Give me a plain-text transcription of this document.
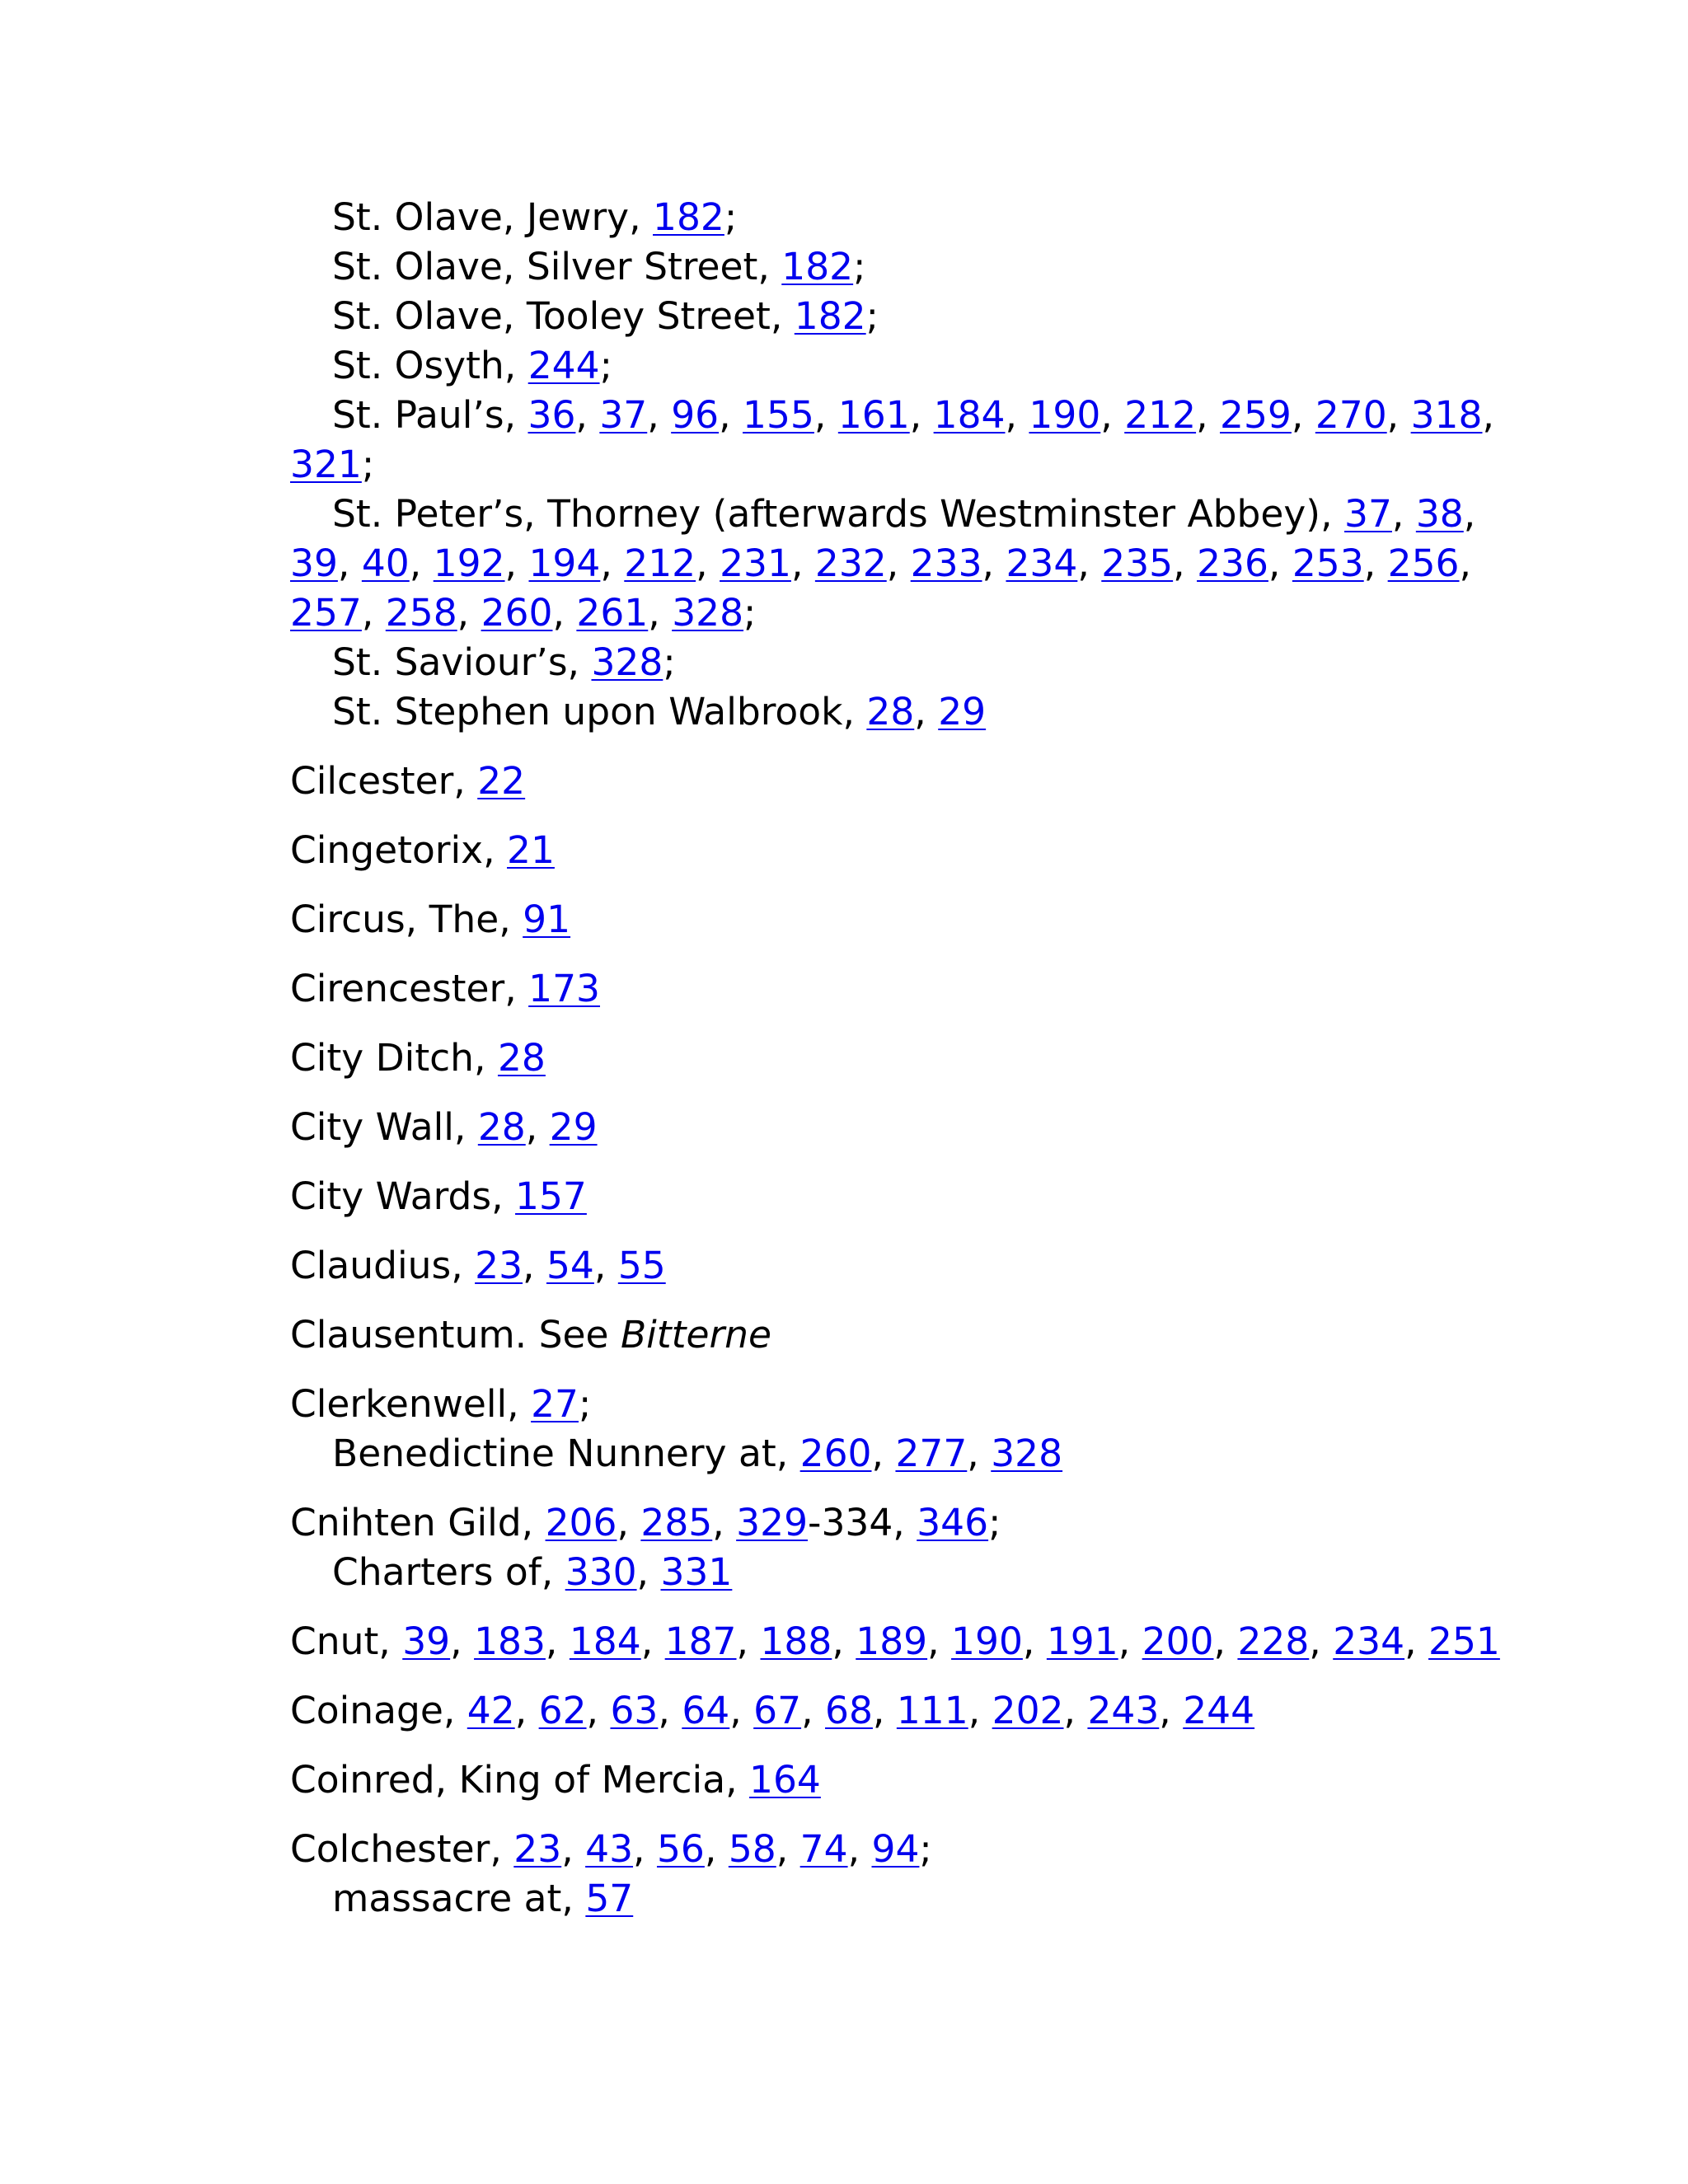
St. Olave, Jewry, 182;
St. Olave, Silver Street, 182;
St. Olave, Tooley Street, 182;
St. Osyth, 244;
St. Paul’s, 36, 37, 96, 155, 161, 184, 190, 212, 259, 270, 318,
321;
St. Peter’s, Thorney (afterwards Westminster Abbey), 37, 38,
39, 40, 192, 194, 212, 231, 232, 233, 234, 235, 236, 253, 256,
257, 258, 260, 261, 328;
St. Saviour’s, 328;
St. Stephen upon Walbrook, 28, 29
Cilcester, 22
Cingetorix, 21
Circus, The, 91
Cirencester, 173
City Ditch, 28
City Wall, 28, 29
City Wards, 157
Claudius, 23, 54, 55
Clausentum. See Bitterne
Clerkenwell, 27;
Benedictine Nunnery at, 260, 277, 328
Cnihten Gild, 206, 285, 329-334, 346;
Charters of, 330, 331
Cnut, 39, 183, 184, 187, 188, 189, 190, 191, 200, 228, 234, 251
Coinage, 42, 62, 63, 64, 67, 68, 111, 202, 243, 244
Coinred, King of Mercia, 164
Colchester, 23, 43, 56, 58, 74, 94;
massacre at, 57
